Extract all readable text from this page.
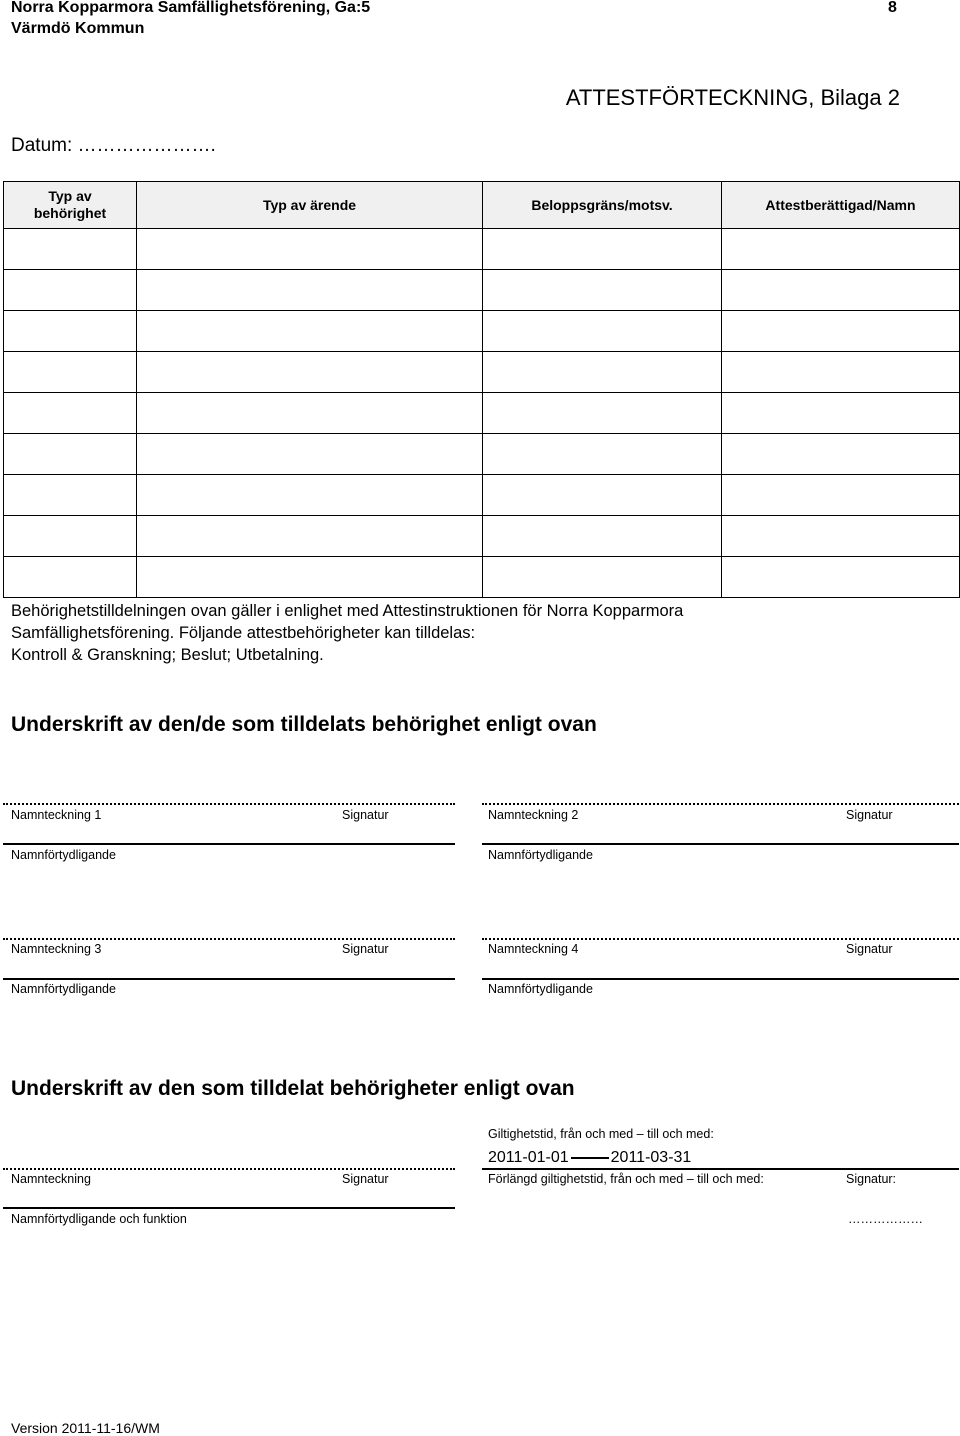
Norra Kopparmora Samfällighetsförening, Ga:5
Värmdö Kommun
8
ATTESTFÖRTECKNING, Bilaga 2
Datum: ………………….
Typ av
behörighet	Typ av ärende	Beloppsgräns/motsv.	Attestberättigad/Namn

Behörighetstilldelningen ovan gäller i enlighet med Attestinstruktionen för Norra Kopparmora
Samfällighetsförening. Följande attestbehörigheter kan tilldelas:
Kontroll & Granskning; Beslut; Utbetalning.
Underskrift av den/de som tilldelats behörighet enligt ovan
Namnteckning 1	Signatur
Namnförtydligande
Namnteckning 2	Signatur
Namnförtydligande
Namnteckning 3	Signatur
Namnförtydligande
Namnteckning 4	Signatur
Namnförtydligande
Underskrift av den som tilldelat behörigheter enligt ovan
Giltighetstid, från och med – till och med:
2011-01-01	2011-03-31
Namnteckning	Signatur	Förlängd giltighetstid, från och med – till och med:	Signatur:
Namnförtydligande och funktion	………………
Version 2011-11-16/WM
